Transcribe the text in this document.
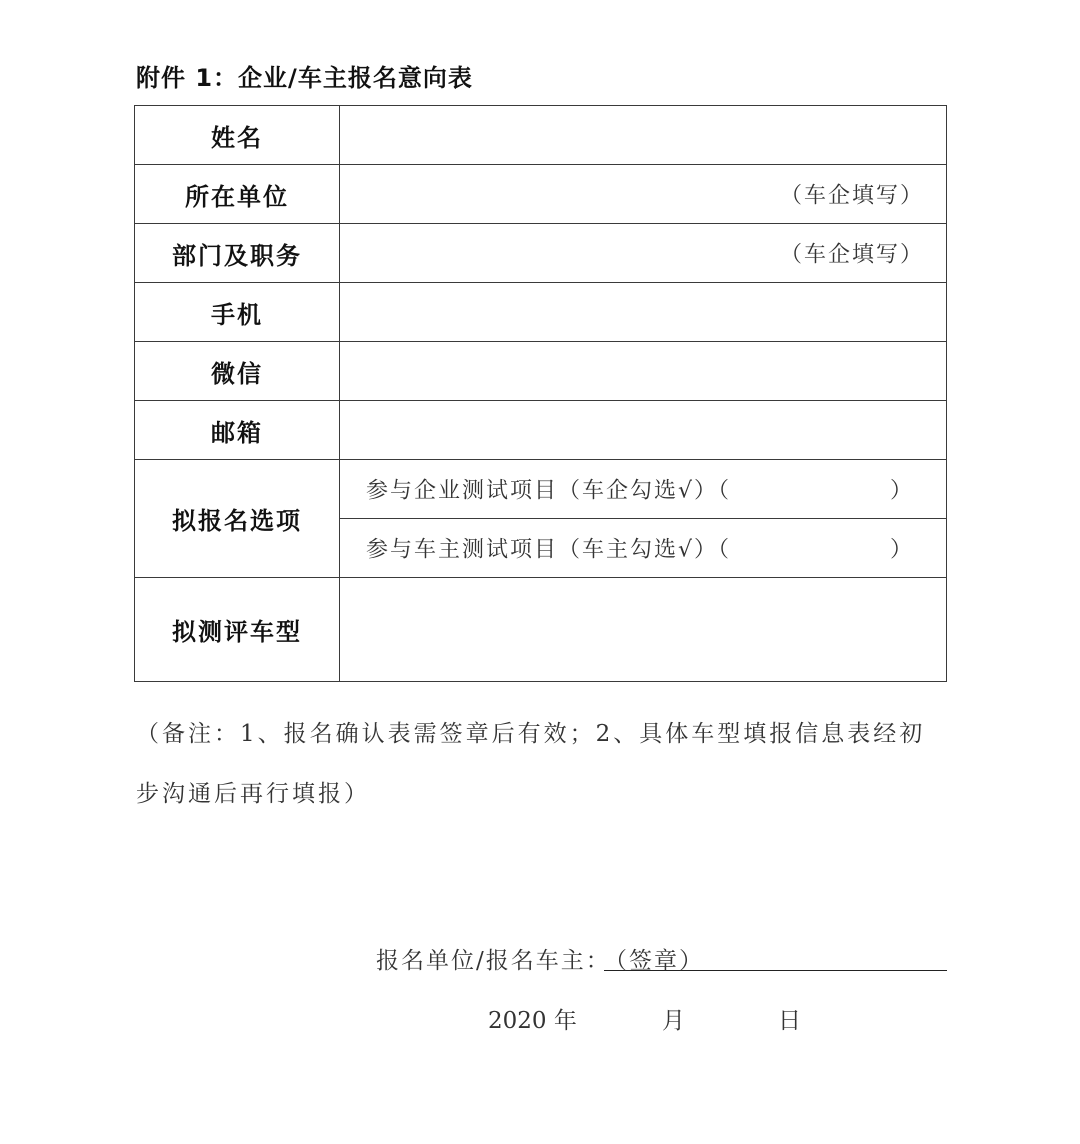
附件 1：企业/车主报名意向表
姓名	
所在单位	（车企填写）

部门及职务	（车企填写）

手机	
微信	
邮箱	
拟报名选项	参与企业测试项目（车企勾选√）（ ）

	参与车主测试项目（车主勾选√）（ ）

拟测评车型	
（备注：1、报名确认表需签章后有效；2、具体车型填报信息表经初步沟通后再行填报）
报名单位/报名车主：
（签章）
2020 年	月	日
